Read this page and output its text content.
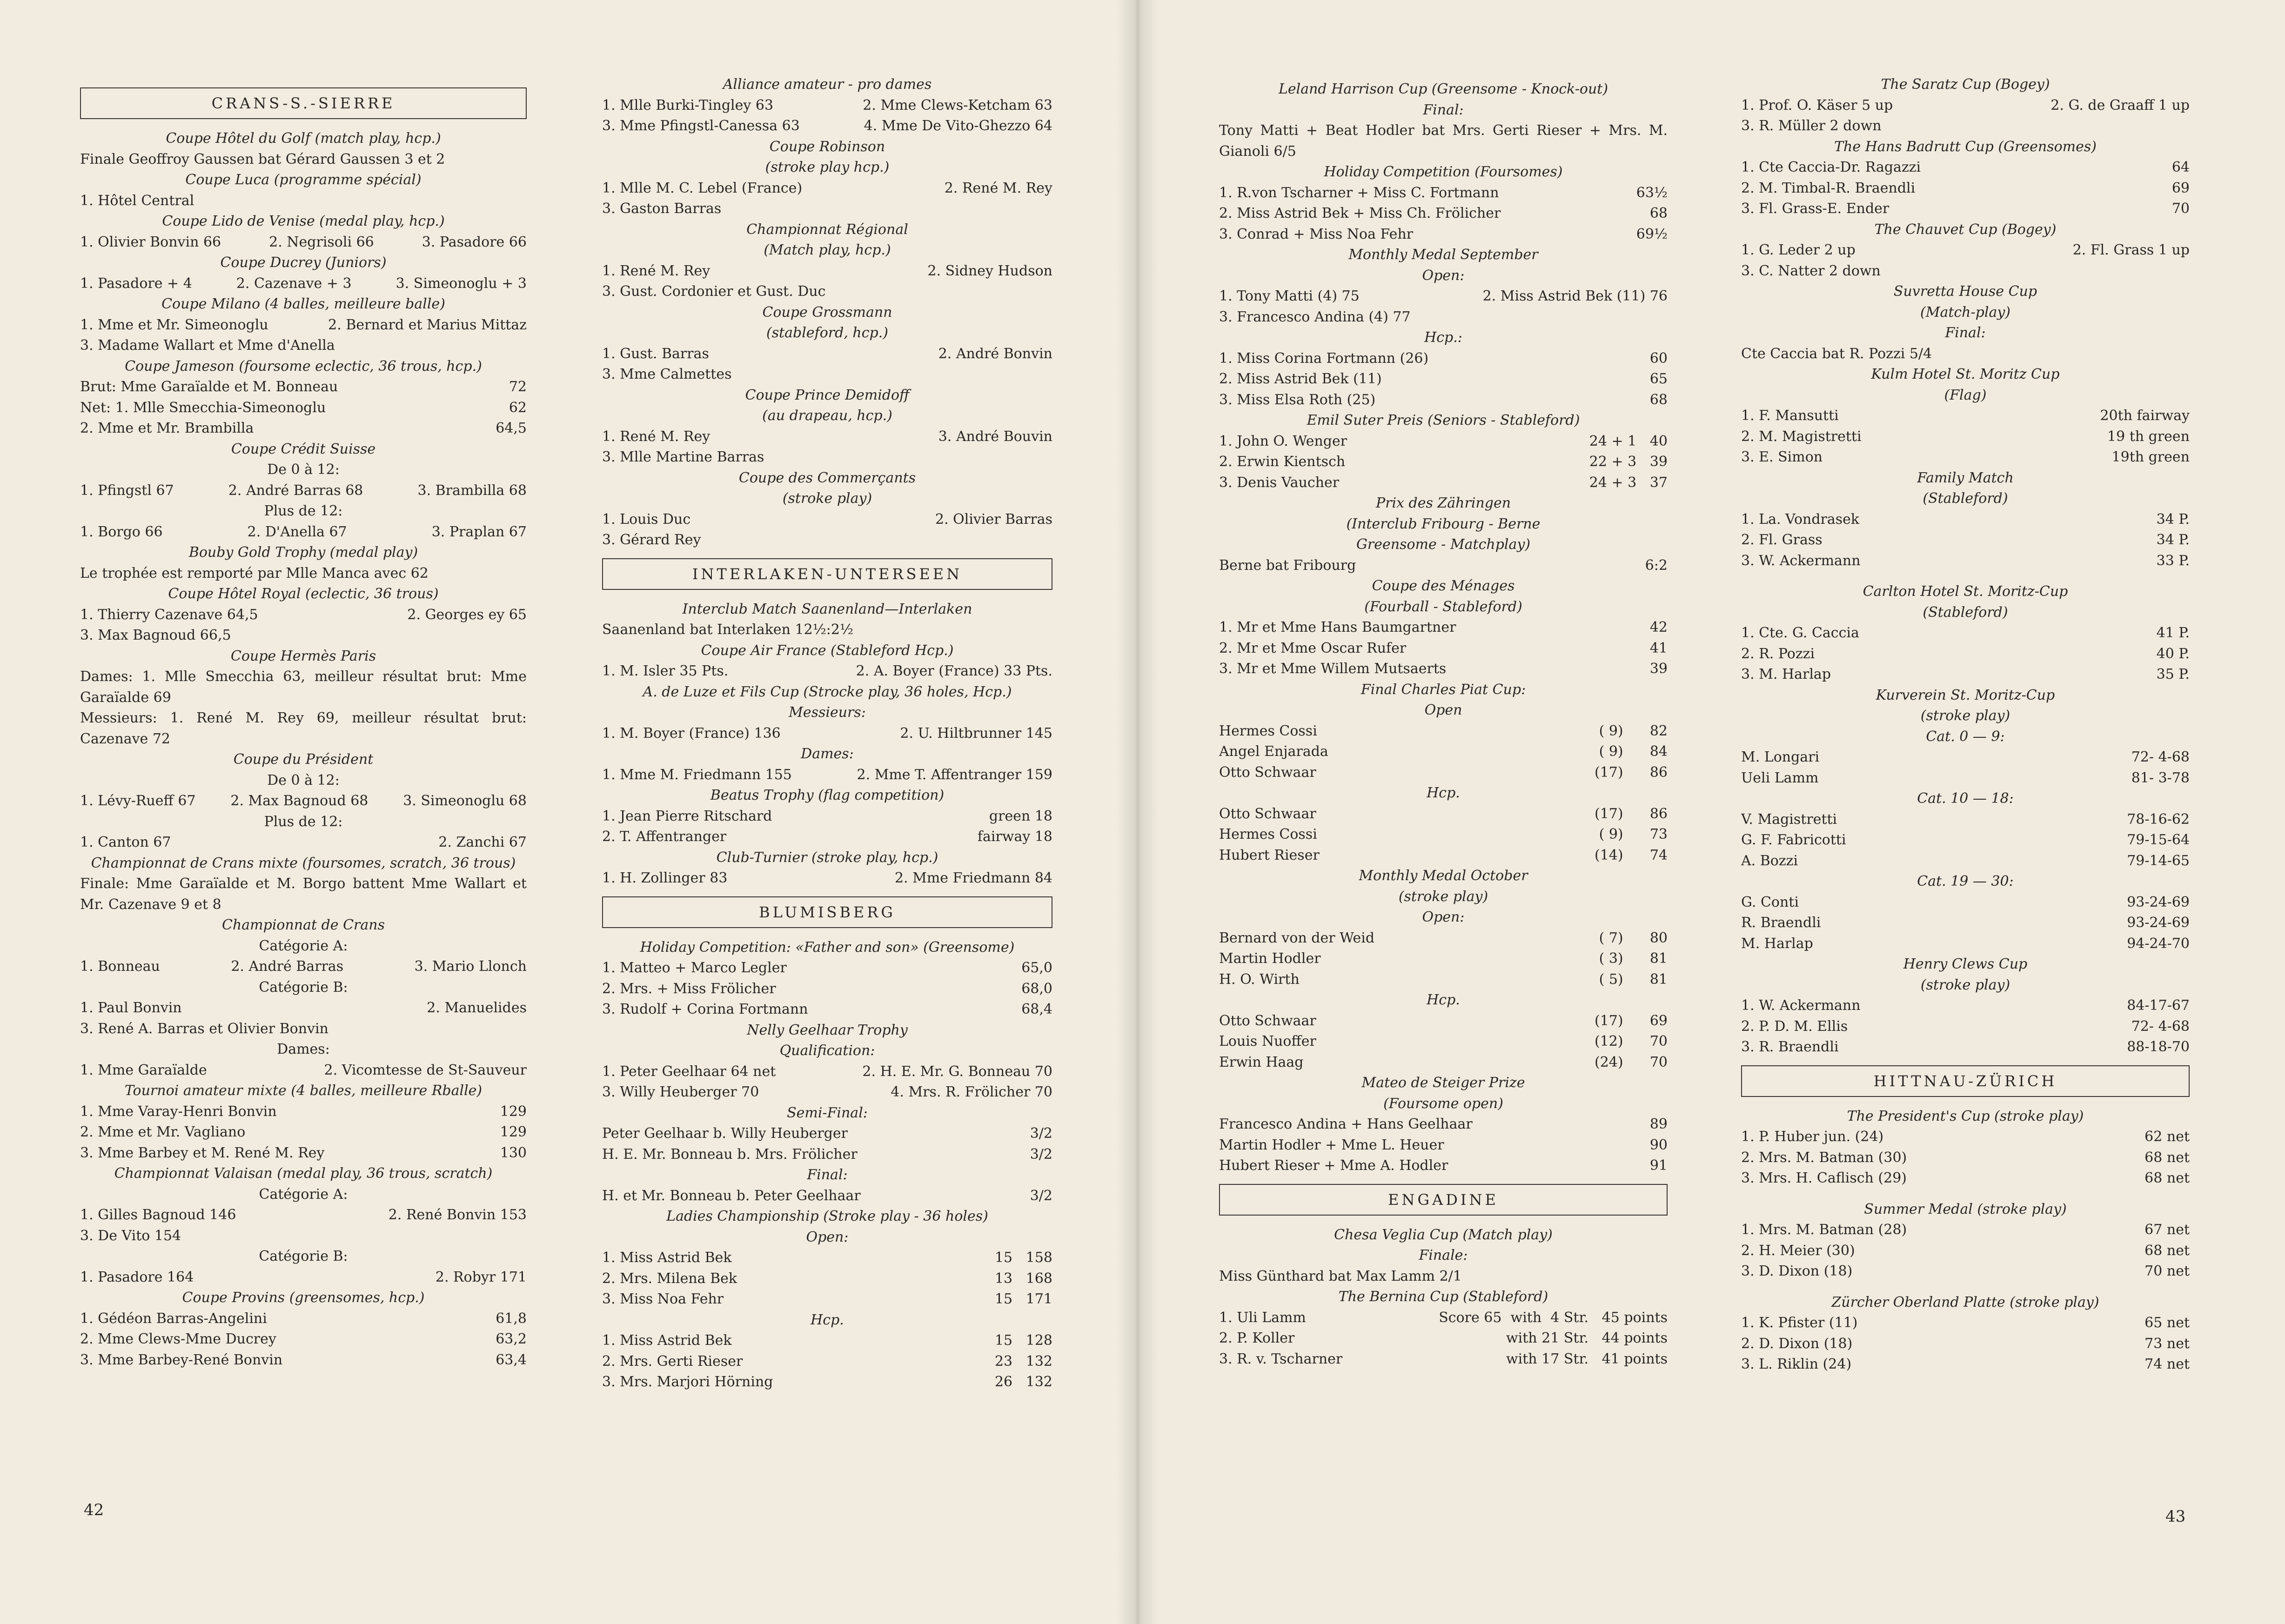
CRANS-S.-SIERRE
Coupe Hôtel du Golf (match play, hcp.)
Finale Geoffroy Gaussen bat Gérard Gaussen 3 et 2
Coupe Luca (programme spécial)
1. Hôtel Central
Coupe Lido de Venise (medal play, hcp.)
1. Olivier Bonvin 66	2. Negrisoli 66	3. Pasadore 66
Coupe Ducrey (Juniors)
1. Pasadore + 4	2. Cazenave + 3	3. Simeonoglu + 3
Coupe Milano (4 balles, meilleure balle)
1. Mme et Mr. Simeonoglu	2. Bernard et Marius Mittaz
3. Madame Wallart et Mme d'Anella
Coupe Jameson (foursome eclectic, 36 trous, hcp.)
Brut: Mme Garaïalde et M. Bonneau	72
Net: 1. Mlle Smecchia-Simeonoglu	62
2. Mme et Mr. Brambilla	64,5
Coupe Crédit Suisse
De 0 à 12:
1. Pfingstl 67	2. André Barras 68	3. Brambilla 68
Plus de 12:
1. Borgo 66	2. D'Anella 67	3. Praplan 67
Bouby Gold Trophy (medal play)
Le trophée est remporté par Mlle Manca avec 62
Coupe Hôtel Royal (eclectic, 36 trous)
1. Thierry Cazenave 64,5	2. Georges ey 65
3. Max Bagnoud 66,5
Coupe Hermès Paris
Dames: 1. Mlle Smecchia 63, meilleur résultat brut: Mme Garaïalde 69
Messieurs: 1. René M. Rey 69, meilleur résultat brut: Cazenave 72
Coupe du Président
De 0 à 12:
1. Lévy-Rueff 67 2. Max Bagnoud 68 3. Simeonoglu 68
Plus de 12:
1. Canton 67	2. Zanchi 67
Championnat de Crans mixte (foursomes, scratch, 36 trous)
Finale: Mme Garaïalde et M. Borgo battent Mme Wallart et Mr. Cazenave 9 et 8
Championnat de Crans
Catégorie A:
1. Bonneau	2. André Barras	3. Mario Llonch
Catégorie B:
1. Paul Bonvin	2. Manuelides
3. René A. Barras et Olivier Bonvin
Dames:
1. Mme Garaïalde	2. Vicomtesse de St-Sauveur
Tournoi amateur mixte (4 balles, meilleure Rballe)
1. Mme Varay-Henri Bonvin	129
2. Mme et Mr. Vagliano	129
3. Mme Barbey et M. René M. Rey	130
Championnat Valaisan (medal play, 36 trous, scratch)
Catégorie A:
1. Gilles Bagnoud 146	2. René Bonvin 153
3. De Vito 154
Catégorie B:
1. Pasadore 164	2. Robyr 171
Coupe Provins (greensomes, hcp.)
1. Gédéon Barras-Angelini	61,8
2. Mme Clews-Mme Ducrey	63,2
3. Mme Barbey-René Bonvin	63,4
Alliance amateur - pro dames
1. Mlle Burki-Tingley 63	2. Mme Clews-Ketcham 63
3. Mme Pfingstl-Canessa 63	4. Mme De Vito-Ghezzo 64
Coupe Robinson
(stroke play hcp.)
1. Mlle M. C. Lebel (France)	2. René M. Rey
3. Gaston Barras
Championnat Régional
(Match play, hcp.)
1. René M. Rey	2. Sidney Hudson
3. Gust. Cordonier et Gust. Duc
Coupe Grossmann
(stableford, hcp.)
1. Gust. Barras	2. André Bonvin
3. Mme Calmettes
Coupe Prince Demidoff
(au drapeau, hcp.)
1. René M. Rey	3. André Bouvin
3. Mlle Martine Barras
Coupe des Commerçants
(stroke play)
1. Louis Duc	2. Olivier Barras
3. Gérard Rey
INTERLAKEN-UNTERSEEN
Interclub Match Saanenland—Interlaken
Saanenland bat Interlaken 12½:2½
Coupe Air France (Stableford Hcp.)
1. M. Isler 35 Pts.	2. A. Boyer (France) 33 Pts.
A. de Luze et Fils Cup (Strocke play, 36 holes, Hcp.)
Messieurs:
1. M. Boyer (France) 136	2. U. Hiltbrunner 145
Dames:
1. Mme M. Friedmann 155	2. Mme T. Affentranger 159
Beatus Trophy (flag competition)
1. Jean Pierre Ritschard	green 18
2. T. Affentranger	fairway 18
Club-Turnier (stroke play, hcp.)
1. H. Zollinger 83	2. Mme Friedmann 84
BLUMISBERG
Holiday Competition: «Father and son» (Greensome)
1. Matteo + Marco Legler	65,0
2. Mrs. + Miss Frölicher	68,0
3. Rudolf + Corina Fortmann	68,4
Nelly Geelhaar Trophy
Qualification:
1. Peter Geelhaar 64 net	2. H. E. Mr. G. Bonneau 70
3. Willy Heuberger 70	4. Mrs. R. Frölicher 70
Semi-Final:
Peter Geelhaar b. Willy Heuberger	3/2
H. E. Mr. Bonneau b. Mrs. Frölicher	3/2
Final:
H. et Mr. Bonneau b. Peter Geelhaar	3/2
Ladies Championship (Stroke play - 36 holes)
Open:
1. Miss Astrid Bek	15   158
2. Mrs. Milena Bek	13   168
3. Miss Noa Fehr	15   171
Hcp.
1. Miss Astrid Bek	15   128
2. Mrs. Gerti Rieser	23   132
3. Mrs. Marjori Hörning	26   132
Leland Harrison Cup (Greensome - Knock-out)
Final:
Tony Matti + Beat Hodler bat Mrs. Gerti Rieser + Mrs. M. Gianoli 6/5
Holiday Competition (Foursomes)
1. R.von Tscharner + Miss C. Fortmann	63½
2. Miss Astrid Bek + Miss Ch. Frölicher	68
3. Conrad + Miss Noa Fehr	69½
Monthly Medal September
Open:
1. Tony Matti (4) 75	2. Miss Astrid Bek (11) 76
3. Francesco Andina (4) 77
Hcp.:
1. Miss Corina Fortmann (26)	60
2. Miss Astrid Bek (11)	65
3. Miss Elsa Roth (25)	68
Emil Suter Preis (Seniors - Stableford)
1. John O. Wenger	24 + 1   40
2. Erwin Kientsch	22 + 3   39
3. Denis Vaucher	24 + 3   37
Prix des Zähringen
(Interclub Fribourg - Berne
Greensome - Matchplay)
Berne bat Fribourg	6:2
Coupe des Ménages
(Fourball - Stableford)
1. Mr et Mme Hans Baumgartner	42
2. Mr et Mme Oscar Rufer	41
3. Mr et Mme Willem Mutsaerts	39
Final Charles Piat Cup:
Open
Hermes Cossi	( 9)      82
Angel Enjarada	( 9)      84
Otto Schwaar	(17)      86
Hcp.
Otto Schwaar	(17)      86
Hermes Cossi	( 9)      73
Hubert Rieser	(14)      74
Monthly Medal October
(stroke play)
Open:
Bernard von der Weid	( 7)      80
Martin Hodler	( 3)      81
H. O. Wirth	( 5)      81
Hcp.
Otto Schwaar	(17)      69
Louis Nuoffer	(12)      70
Erwin Haag	(24)      70
Mateo de Steiger Prize
(Foursome open)
Francesco Andina + Hans Geelhaar	89
Martin Hodler + Mme L. Heuer	90
Hubert Rieser + Mme A. Hodler	91
ENGADINE
Chesa Veglia Cup (Match play)
Finale:
Miss Günthard bat Max Lamm 2/1
The Bernina Cup (Stableford)
1. Uli Lamm	Score 65  with  4 Str.   45 points
2. P. Koller	with 21 Str.   44 points
3. R. v. Tscharner	with 17 Str.   41 points
The Saratz Cup (Bogey)
1. Prof. O. Käser 5 up	2. G. de Graaff 1 up
3. R. Müller 2 down
The Hans Badrutt Cup (Greensomes)
1. Cte Caccia-Dr. Ragazzi	64
2. M. Timbal-R. Braendli	69
3. Fl. Grass-E. Ender	70
The Chauvet Cup (Bogey)
1. G. Leder 2 up	2. Fl. Grass 1 up
3. C. Natter 2 down
Suvretta House Cup
(Match-play)
Final:
Cte Caccia bat R. Pozzi 5/4
Kulm Hotel St. Moritz Cup
(Flag)
1. F. Mansutti	20th fairway
2. M. Magistretti	19 th green
3. E. Simon	19th green
Family Match
(Stableford)
1. La. Vondrasek	34 P.
2. Fl. Grass	34 P.
3. W. Ackermann	33 P.
Carlton Hotel St. Moritz-Cup
(Stableford)
1. Cte. G. Caccia	41 P.
2. R. Pozzi	40 P.
3. M. Harlap	35 P.
Kurverein St. Moritz-Cup
(stroke play)
Cat. 0 — 9:
M. Longari	72- 4-68
Ueli Lamm	81- 3-78
Cat. 10 — 18:
V. Magistretti	78-16-62
G. F. Fabricotti	79-15-64
A. Bozzi	79-14-65
Cat. 19 — 30:
G. Conti	93-24-69
R. Braendli	93-24-69
M. Harlap	94-24-70
Henry Clews Cup
(stroke play)
1. W. Ackermann	84-17-67
2. P. D. M. Ellis	72- 4-68
3. R. Braendli	88-18-70
HITTNAU-ZÜRICH
The President's Cup (stroke play)
1. P. Huber jun. (24)	62 net
2. Mrs. M. Batman (30)	68 net
3. Mrs. H. Caflisch (29)	68 net
Summer Medal (stroke play)
1. Mrs. M. Batman (28)	67 net
2. H. Meier (30)	68 net
3. D. Dixon (18)	70 net
Zürcher Oberland Platte (stroke play)
1. K. Pfister (11)	65 net
2. D. Dixon (18)	73 net
3. L. Riklin (24)	74 net
42	43
